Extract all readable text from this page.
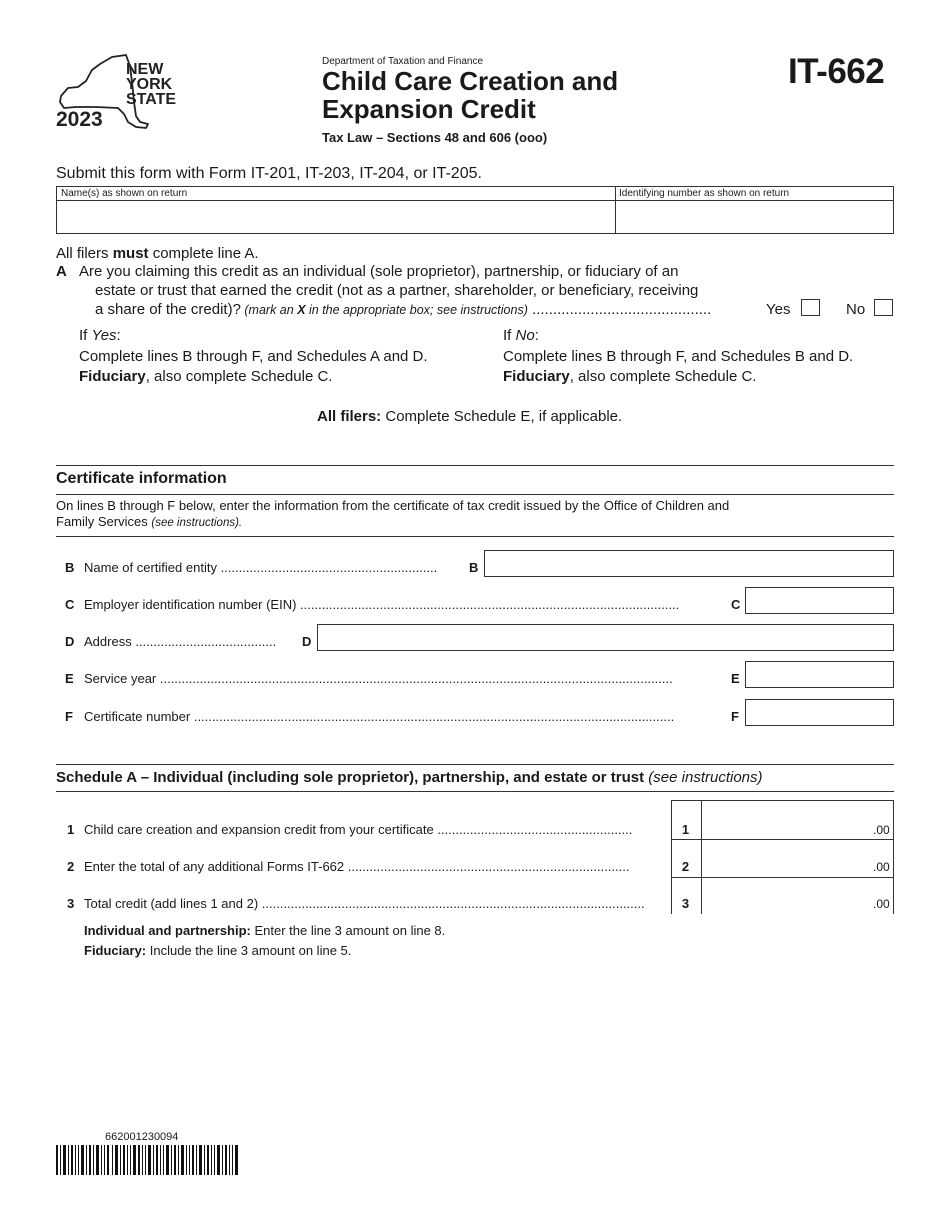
NEW YORK STATE
2023
Department of Taxation and Finance
Child Care Creation and
Expansion Credit
Tax Law – Sections 48 and 606 (ooo)
IT-662
Submit this form with Form IT-201, IT-203, IT-204, or IT-205.
Name(s) as shown on return	Identifying number as shown on return
All filers must complete line A.
A Are you claiming this credit as an individual (sole proprietor), partnership, or fiduciary of an
estate or trust that earned the credit (not as a partner, shareholder, or beneficiary, receiving
a share of the credit)? (mark an X in the appropriate box; see instructions) ...........................................	Yes	No
If Yes:
Complete lines B through F, and Schedules A and D.
Fiduciary, also complete Schedule C.
If No:
Complete lines B through F, and Schedules B and D.
Fiduciary, also complete Schedule C.
All filers: Complete Schedule E, if applicable.
Certificate information
On lines B through F below, enter the information from the certificate of tax credit issued by the Office of Children and
Family Services (see instructions).
B Name of certified entity ............................................................	B
C Employer identification number (EIN) .........................................................................................................	C
D Address .......................................	D
E Service year ..............................................................................................................................................	E
F Certificate number .....................................................................................................................................	F
Schedule A – Individual (including sole proprietor), partnership, and estate or trust (see instructions)
1 Child care creation and expansion credit from your certificate ......................................................	1	.00
2 Enter the total of any additional Forms IT-662 ..............................................................................	2	.00
3 Total credit (add lines 1 and 2) ..........................................................................................................	3	.00
Individual and partnership: Enter the line 3 amount on line 8.
Fiduciary: Include the line 3 amount on line 5.
662001230094
